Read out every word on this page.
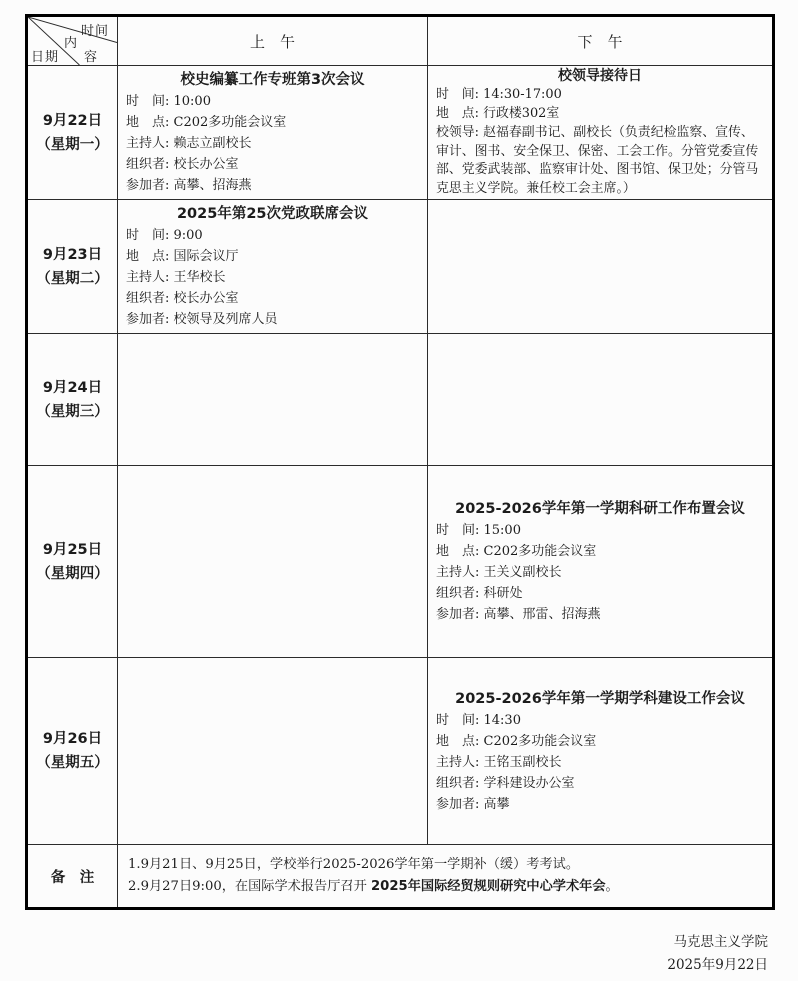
时间
内
容
日期
上　午	下　午
9月22日
（星期一）
校史编纂工作专班第3次会议
时　间: 10:00
地　点: C202多功能会议室
主持人: 赖志立副校长
组织者: 校长办公室
参加者: 高攀、招海燕
校领导接待日
时　间: 14:30-17:00
地　点: 行政楼302室
校领导: 赵福春副书记、副校长（负责纪检监察、宣传、审计、图书、安全保卫、保密、工会工作。分管党委宣传部、党委武装部、监察审计处、图书馆、保卫处；分管马克思主义学院。兼任校工会主席。）
9月23日
（星期二）
2025年第25次党政联席会议
时　间: 9:00
地　点: 国际会议厅
主持人: 王华校长
组织者: 校长办公室
参加者: 校领导及列席人员
9月24日
（星期三）
9月25日
（星期四）
2025-2026学年第一学期科研工作布置会议
时　间: 15:00
地　点: C202多功能会议室
主持人: 王关义副校长
组织者: 科研处
参加者: 高攀、邢雷、招海燕
9月26日
（星期五）
2025-2026学年第一学期学科建设工作会议
时　间: 14:30
地　点: C202多功能会议室
主持人: 王铭玉副校长
组织者: 学科建设办公室
参加者: 高攀
备　注
1.9月21日、9月25日，学校举行2025-2026学年第一学期补（缓）考考试。
2.9月27日9:00，在国际学术报告厅召开 2025年国际经贸规则研究中心学术年会。
马克思主义学院
2025年9月22日
